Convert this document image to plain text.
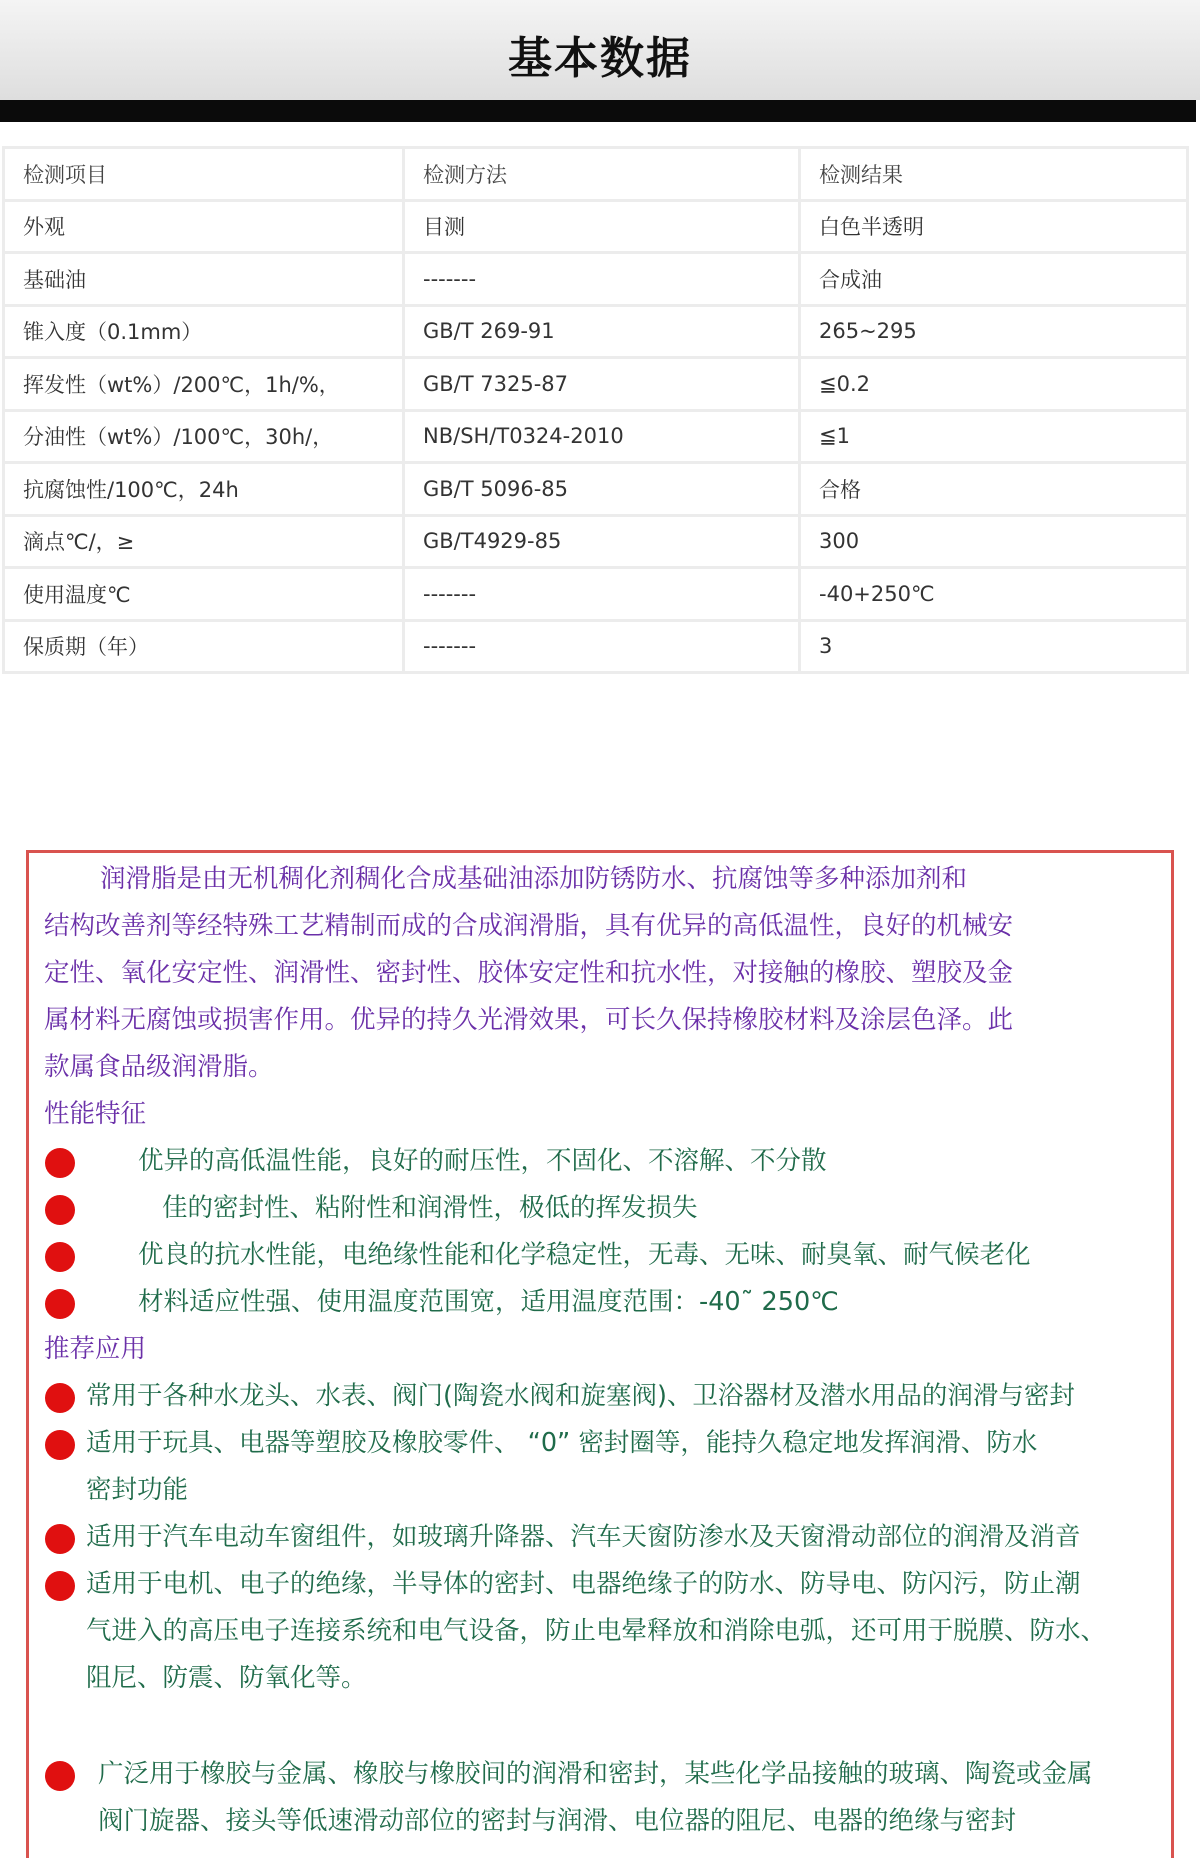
基本数据
检测项目	检测方法	检测结果
外观	目测	白色半透明
基础油	-------	合成油
锥入度（0.1mm）	GB/T 269-91	265~295
挥发性（wt%）/200℃，1h/%，	GB/T 7325-87	≦0.2
分油性（wt%）/100℃，30h/，	NB/SH/T0324-2010	≦1
抗腐蚀性/100℃，24h	GB/T 5096-85	合格
滴点℃/，≥	GB/T4929-85	300
使用温度℃	-------	-40+250℃
保质期（年）	-------	3
润滑脂是由无机稠化剂稠化合成基础油添加防锈防水、抗腐蚀等多种添加剂和
结构改善剂等经特殊工艺精制而成的合成润滑脂，具有优异的高低温性，良好的机械安
定性、氧化安定性、润滑性、密封性、胶体安定性和抗水性，对接触的橡胶、塑胶及金
属材料无腐蚀或损害作用。优异的持久光滑效果，可长久保持橡胶材料及涂层色泽。此
款属食品级润滑脂。
性能特征
优异的高低温性能，良好的耐压性，不固化、不溶解、不分散
佳的密封性、粘附性和润滑性，极低的挥发损失
优良的抗水性能，电绝缘性能和化学稳定性，无毒、无味、耐臭氧、耐气候老化
材料适应性强、使用温度范围宽，适用温度范围：-40˜ 250℃
推荐应用
常用于各种水龙头、水表、阀门(陶瓷水阀和旋塞阀)、卫浴器材及潜水用品的润滑与密封
适用于玩具、电器等塑胶及橡胶零件、 “0” 密封圈等，能持久稳定地发挥润滑、防水
密封功能
适用于汽车电动车窗组件，如玻璃升降器、汽车天窗防渗水及天窗滑动部位的润滑及消音
适用于电机、电子的绝缘，半导体的密封、电器绝缘子的防水、防导电、防闪污，防止潮
气进入的高压电子连接系统和电气设备，防止电晕释放和消除电弧，还可用于脱膜、防水、
阻尼、防震、防氧化等。
广泛用于橡胶与金属、橡胶与橡胶间的润滑和密封，某些化学品接触的玻璃、陶瓷或金属
阀门旋器、接头等低速滑动部位的密封与润滑、电位器的阻尼、电器的绝缘与密封
